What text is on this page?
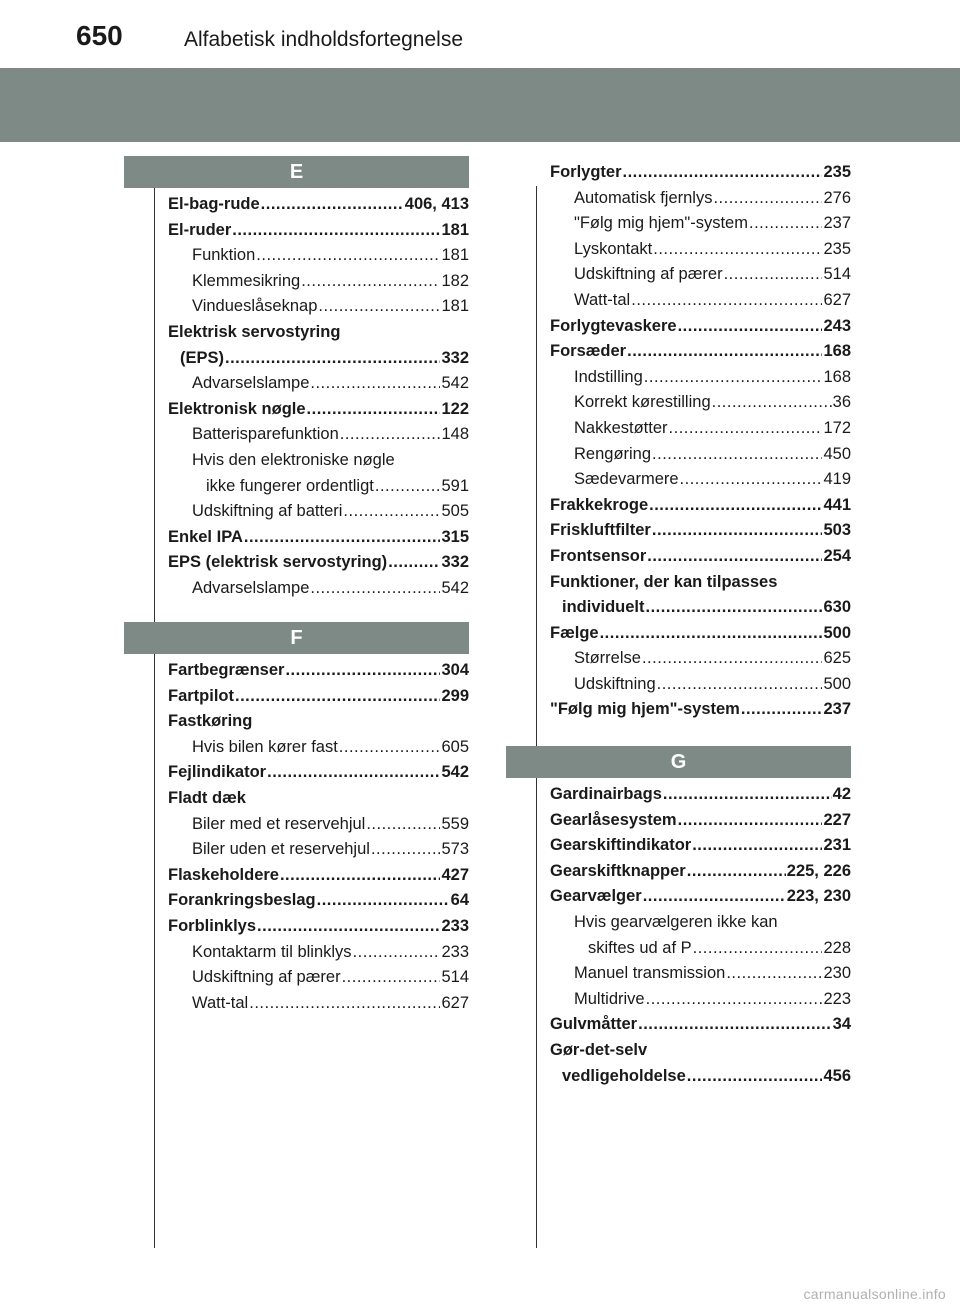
650	Alfabetisk indholdsfortegnelse
E
El-bag-rude .....	406, 413
El-ruder .....	181
Funktion .....	181
Klemmesikring .....	182
Vindueslåseknap .....	181
Elektrisk servostyring
(EPS) .....	332
Advarselslampe .....	542
Elektronisk nøgle .....	122
Batterisparefunktion .....	148
Hvis den elektroniske nøgle
ikke fungerer ordentligt .....	591
Udskiftning af batteri .....	505
Enkel IPA .....	315
EPS (elektrisk servostyring) .....	332
Advarselslampe .....	542
F
Fartbegrænser .....	304
Fartpilot .....	299
Fastkøring
Hvis bilen kører fast .....	605
Fejlindikator .....	542
Fladt dæk
Biler med et reservehjul .....	559
Biler uden et reservehjul .....	573
Flaskeholdere .....	427
Forankringsbeslag .....	64
Forblinklys .....	233
Kontaktarm til blinklys .....	233
Udskiftning af pærer .....	514
Watt-tal .....	627
Forlygter .....	235
Automatisk fjernlys .....	276
"Følg mig hjem"-system .....	237
Lyskontakt .....	235
Udskiftning af pærer .....	514
Watt-tal .....	627
Forlygtevaskere .....	243
Forsæder .....	168
Indstilling .....	168
Korrekt kørestilling .....	36
Nakkestøtter .....	172
Rengøring .....	450
Sædevarmere .....	419
Frakkekroge .....	441
Friskluftfilter .....	503
Frontsensor .....	254
Funktioner, der kan tilpasses
individuelt .....	630
Fælge .....	500
Størrelse .....	625
Udskiftning .....	500
"Følg mig hjem"-system .....	237
G
Gardinairbags .....	42
Gearlåsesystem .....	227
Gearskiftindikator .....	231
Gearskiftknapper .....	225, 226
Gearvælger .....	223, 230
Hvis gearvælgeren ikke kan
skiftes ud af P .....	228
Manuel transmission .....	230
Multidrive .....	223
Gulvmåtter .....	34
Gør-det-selv
vedligeholdelse .....	456
carmanualsonline.info
